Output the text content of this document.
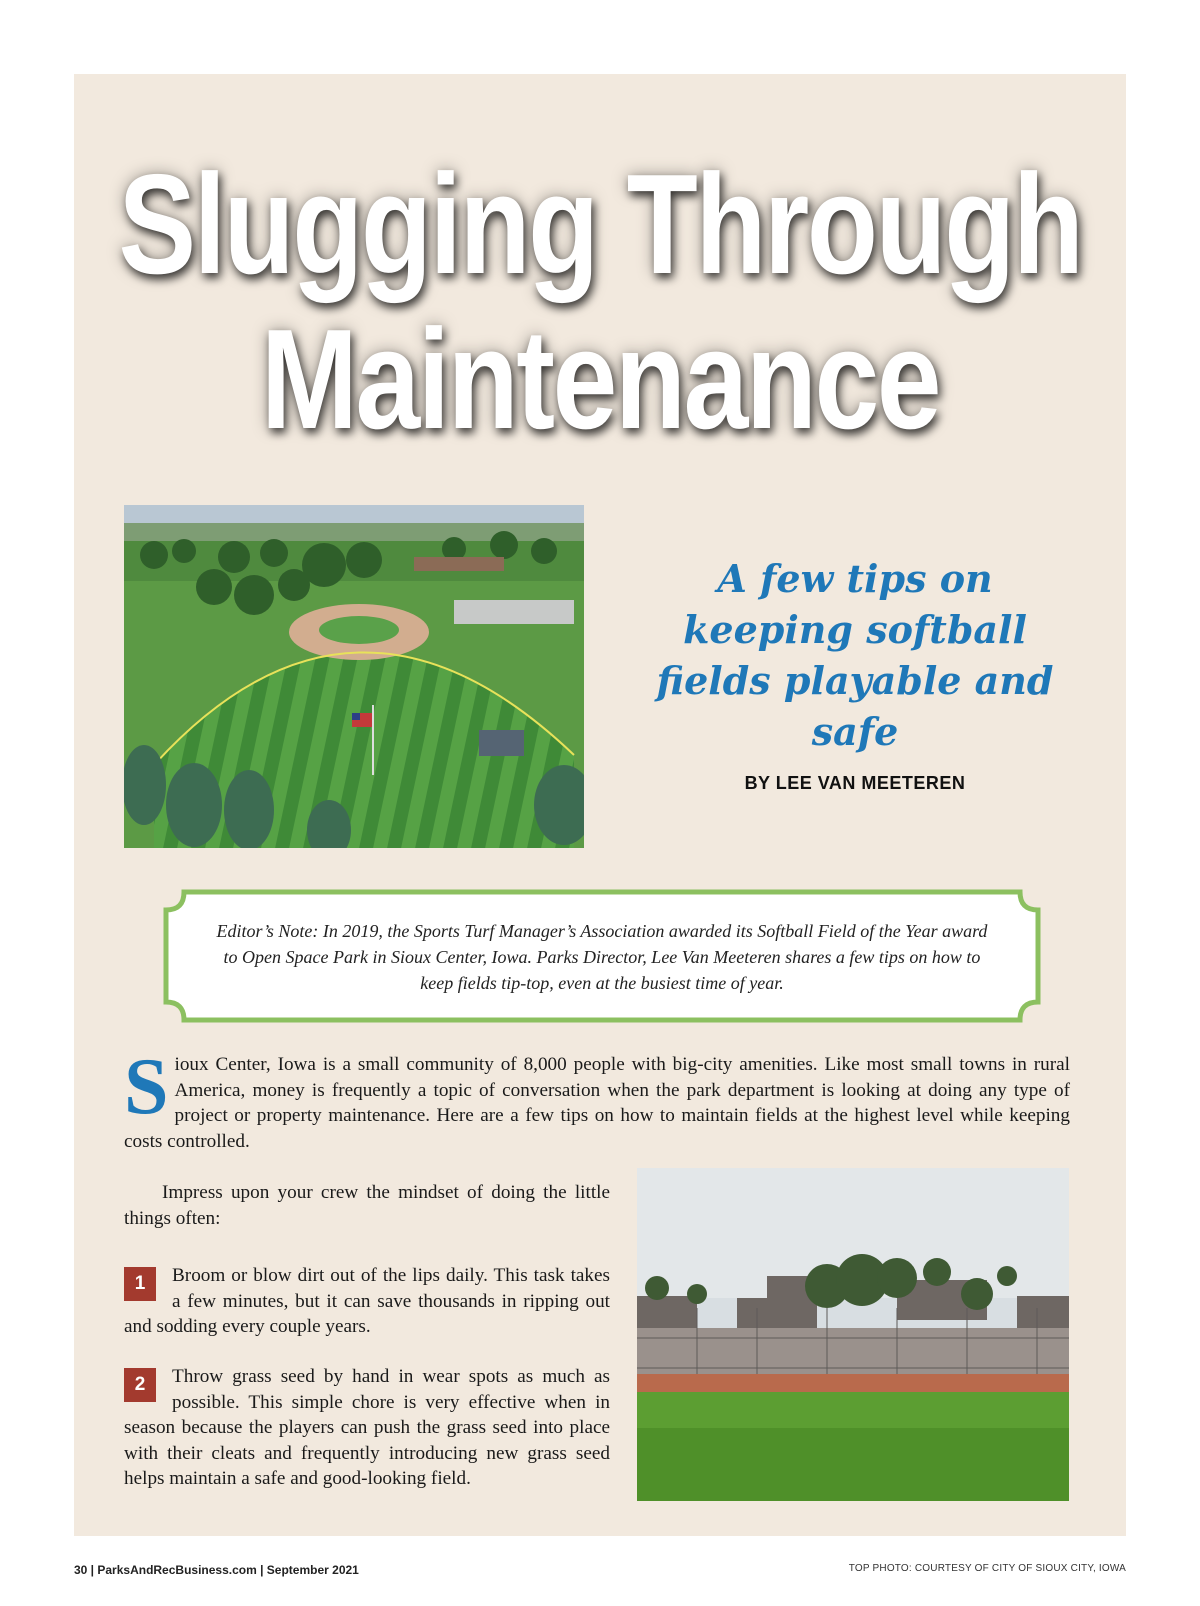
Slugging Through
Maintenance
A few tips on keeping softball fields playable and safe
BY LEE VAN MEETEREN
Editor’s Note: In 2019, the Sports Turf Manager’s Association awarded its Softball Field of the Year award to Open Space Park in Sioux Center, Iowa. Parks Director, Lee Van Meeteren shares a few tips on how to keep fields tip-top, even at the busiest time of year.
Sioux Center, Iowa is a small community of 8,000 people with big-city amenities. Like most small towns in rural America, money is frequently a topic of conversation when the park department is looking at doing any type of project or property maintenance. Here are a few tips on how to maintain fields at the highest level while keeping costs controlled.
Impress upon your crew the mindset of doing the little things often:
1	Broom or blow dirt out of the lips daily. This task takes a few minutes, but it can save thousands in ripping out and sodding every couple years.
2	Throw grass seed by hand in wear spots as much as possible. This simple chore is very effective when in season because the players can push the grass seed into place with their cleats and frequently introducing new grass seed helps maintain a safe and good-looking field.
30 | ParksAndRecBusiness.com | September 2021	TOP PHOTO: COURTESY OF CITY OF SIOUX CITY, IOWA
